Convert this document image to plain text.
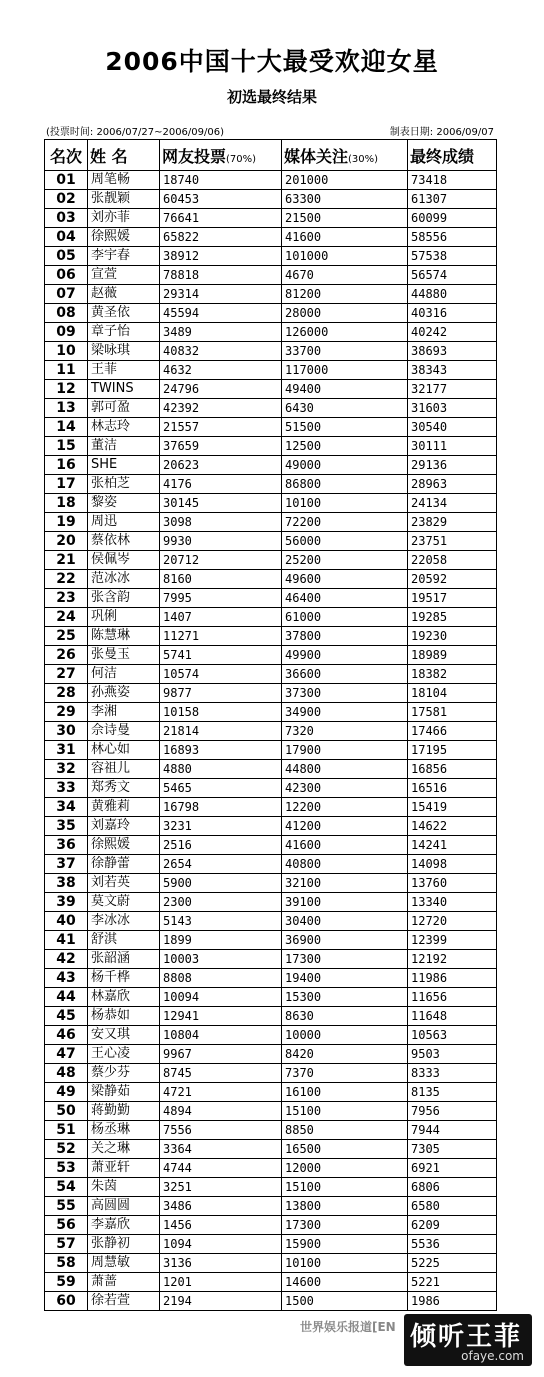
2006中国十大最受欢迎女星
初选最终结果
(投票时间: 2006/07/27~2006/09/06)	制表日期: 2006/09/07
名次	姓 名	网友投票(70%)	媒体关注(30%)	最终成绩
01	周笔畅	18740	201000	73418
02	张靓颖	60453	63300	61307
03	刘亦菲	76641	21500	60099
04	徐熙媛	65822	41600	58556
05	李宇春	38912	101000	57538
06	宣萱	78818	4670	56574
07	赵薇	29314	81200	44880
08	黄圣依	45594	28000	40316
09	章子怡	3489	126000	40242
10	梁咏琪	40832	33700	38693
11	王菲	4632	117000	38343
12	TWINS	24796	49400	32177
13	郭可盈	42392	6430	31603
14	林志玲	21557	51500	30540
15	董洁	37659	12500	30111
16	SHE	20623	49000	29136
17	张柏芝	4176	86800	28963
18	黎姿	30145	10100	24134
19	周迅	3098	72200	23829
20	蔡依林	9930	56000	23751
21	侯佩岑	20712	25200	22058
22	范冰冰	8160	49600	20592
23	张含韵	7995	46400	19517
24	巩俐	1407	61000	19285
25	陈慧琳	11271	37800	19230
26	张曼玉	5741	49900	18989
27	何洁	10574	36600	18382
28	孙燕姿	9877	37300	18104
29	李湘	10158	34900	17581
30	佘诗曼	21814	7320	17466
31	林心如	16893	17900	17195
32	容祖儿	4880	44800	16856
33	郑秀文	5465	42300	16516
34	黄雅莉	16798	12200	15419
35	刘嘉玲	3231	41200	14622
36	徐熙媛	2516	41600	14241
37	徐静蕾	2654	40800	14098
38	刘若英	5900	32100	13760
39	莫文蔚	2300	39100	13340
40	李冰冰	5143	30400	12720
41	舒淇	1899	36900	12399
42	张韶涵	10003	17300	12192
43	杨千桦	8808	19400	11986
44	林嘉欣	10094	15300	11656
45	杨恭如	12941	8630	11648
46	安又琪	10804	10000	10563
47	王心凌	9967	8420	9503
48	蔡少芬	8745	7370	8333
49	梁静茹	4721	16100	8135
50	蒋勤勤	4894	15100	7956
51	杨丞琳	7556	8850	7944
52	关之琳	3364	16500	7305
53	萧亚轩	4744	12000	6921
54	朱茵	3251	15100	6806
55	高圆圆	3486	13800	6580
56	李嘉欣	1456	17300	6209
57	张静初	1094	15900	5536
58	周慧敏	3136	10100	5225
59	萧蔷	1201	14600	5221
60	徐若萱	2194	1500	1986
世界娱乐报道[EN 倾听王菲
ofaye.com
